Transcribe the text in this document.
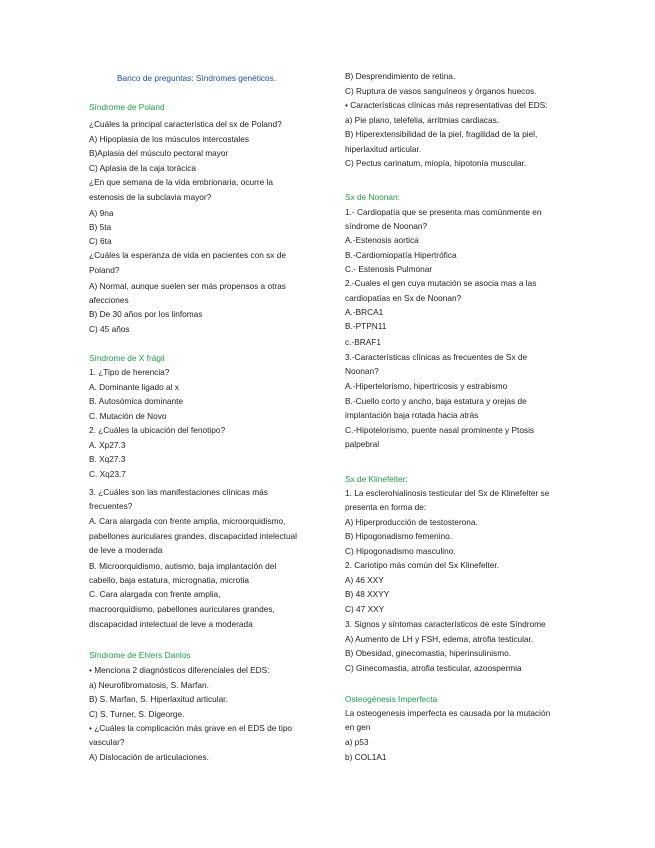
Banco de preguntas: Síndromes genéticos.
Síndrome de Poland
¿Cuáles la principal característica del sx de Poland?
A) Hipoplasia de los músculos intercostales
B)Aplasia del músculo pectoral mayor
C) Aplasia de la caja torácica
¿En que semana de la vida embrionaria, ocurre la
estenosis de la subclavia mayor?
A) 9na
B) 5ta
C) 6ta
¿Cuáles la esperanza de vida en pacientes con sx de
Poland?
A) Normal, aunque suelen ser más propensos a otras
afecciones
B) De 30 años por los linfomas
C) 45 años
Síndrome de X frágil
1. ¿Tipo de herencia?
A. Dominante ligado al x
B. Autosómica dominante
C. Mutación de Novo
2. ¿Cuáles la ubicación del fenotipo?
A. Xp27.3
B. Xq27.3
C. Xq23.7
3. ¿Cuáles son las manifestaciones clínicas más
frecuentes?
A. Cara alargada con frente amplia, microorquidismo,
pabellones auriculares grandes, discapacidad intelectual
de leve a moderada
B. Microorquidismo, autismo, baja implantación del
cabello, baja estatura, micrognatia, microtia
C. Cara alargada con frente amplia,
macroorquidismo, pabellones auriculares grandes,
discapacidad intelectual de leve a moderada
Síndrome de Ehlers Danlos
• Menciona 2 diagnósticos diferenciales del EDS:
a) Neurofibromatosis, S. Marfan.
B) S. Marfan, S. Hiperlaxitud articular.
C) S. Turner, S. Digeorge.
• ¿Cuáles la complicación más grave en el EDS de tipo
vascular?
A) Dislocación de articulaciones.
B) Desprendimiento de retina.
C) Ruptura de vasos sanguíneos y órganos huecos.
• Características clínicas más representativas del EDS:
a) Pie plano, telefelia, arritmias cardiacas.
B) Hiperextensibilidad de la piel, fragilidad de la piel,
hiperlaxitud articular.
C) Pectus carinatum, miopía, hipotonía muscular.
Sx de Noonan:
1.- Cardiopatía que se presenta mas comúnmente en
síndrome de Noonan?
A.-Estenosis aortica
B.-Cardiomiopatía Hipertrófica
C.- Estenosis Pulmonar
2.-Cuales el gen cuya mutación se asocia mas a las
cardiopatías en Sx de Noonan?
A.-BRCA1
B.-PTPN11
c.-BRAF1
3.-Características clínicas as frecuentes de Sx de
Noonan?
A.-Hipertelorismo, hipertricosis y estrabismo
B.-Cuello corto y ancho, baja estatura y orejas de
implantación baja rotada hacia atrás
C.-Hipotelorismo, puente nasal prominente y Ptosis
palpebral
Sx de Klinefelter:
1. La esclerohialinosis testicular del Sx de Klinefelter se
presenta en forma de:
A) Hiperproducción de testosterona.
B) Hipogonadismo femenino.
C) Hipogonadismo masculino.
2. Cariotipo más común del Sx Klinefelter.
A) 46 XXY
B) 48 XXYY
C) 47 XXY
3. Signos y síntomas característicos de este Síndrome
A) Aumento de LH y FSH, edema, atrofia testicular.
B) Obesidad, ginecomastia, hiperinsulinismo.
C) Ginecomastia, atrofia testicular, azoospermia
Osteogénesis Imperfecta
La osteogenesis imperfecta es causada por la mutación
en gen
a) p53
b) COL1A1
